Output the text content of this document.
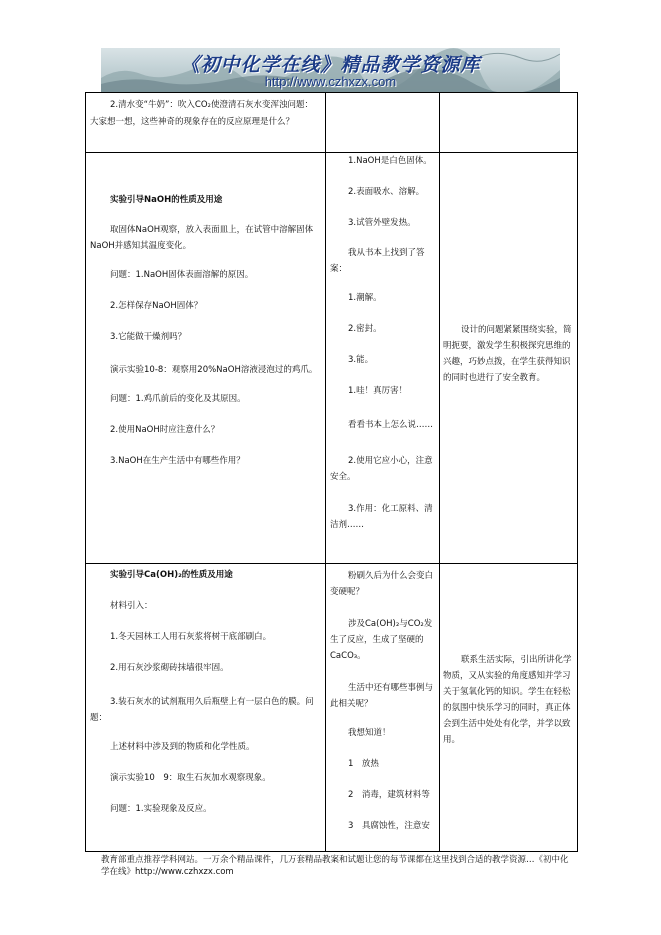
《初中化学在线》精品教学资源库
http://www.czhxzx.com

2.清水变“牛奶”：吹入CO₂使澄清石灰水变浑浊问题：大家想一想，这些神奇的现象存在的反应原理是什么？

实验引导NaOH的性质及用途

取固体NaOH观察，放入表面皿上，在试管中溶解固体NaOH并感知其温度变化。

问题：1.NaOH固体表面溶解的原因。

2.怎样保存NaOH固体？

3.它能做干燥剂吗？

演示实验10-8：观察用20%NaOH溶液浸泡过的鸡爪。

问题：1.鸡爪前后的变化及其原因。

2.使用NaOH时应注意什么？

3.NaOH在生产生活中有哪些作用？

1.NaOH是白色固体。

2.表面吸水、溶解。

3.试管外壁发热。

我从书本上找到了答案：

1.潮解。

2.密封。

3.能。

1.哇！真厉害！

看看书本上怎么说……

2.使用它应小心，注意安全。

3.作用：化工原料、清洁剂……

设计的问题紧紧围绕实验，简明扼要，激发学生积极探究思维的兴趣，巧妙点拨，在学生获得知识的同时也进行了安全教育。

实验引导Ca(OH)₂的性质及用途

材料引入：

1.冬天园林工人用石灰浆将树干底部刷白。

2.用石灰沙浆砌砖抹墙很牢固。

3.装石灰水的试剂瓶用久后瓶壁上有一层白色的膜。问题：

上述材料中涉及到的物质和化学性质。

演示实验10　9：取生石灰加水观察现象。

问题：1.实验现象及反应。

粉刷久后为什么会变白变硬呢？

涉及Ca(OH)₂与CO₂发生了反应，生成了坚硬的CaCO₃。

生活中还有哪些事例与此相关呢？

我想知道！

1　放热

2　消毒，建筑材料等

3　具腐蚀性，注意安

联系生活实际，引出所讲化学物质，又从实验的角度感知并学习关于氢氧化钙的知识。学生在轻松的氛围中快乐学习的同时，真正体会到生活中处处有化学，并学以致用。

教育部重点推荐学科网站。一万余个精品课件，几万套精品教案和试题让您的每节课都在这里找到合适的教学资源…《初中化学在线》http://www.czhxzx.com
